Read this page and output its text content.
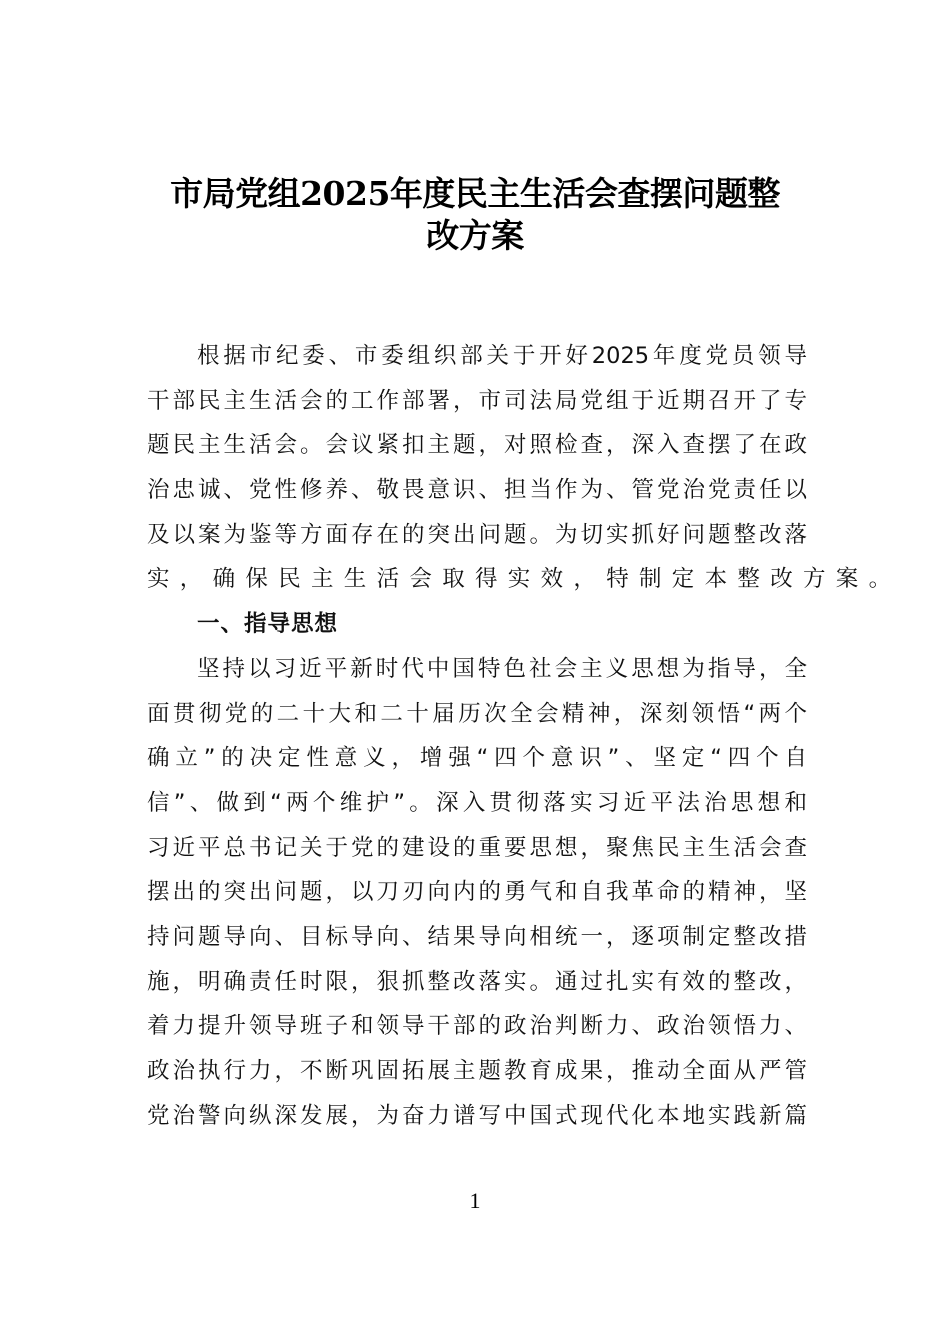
市局党组2025年度民主生活会查摆问题整
改方案
根据市纪委、市委组织部关于开好2025年度党员领导
干部民主生活会的工作部署，市司法局党组于近期召开了专
题民主生活会。会议紧扣主题，对照检查，深入查摆了在政
治忠诚、党性修养、敬畏意识、担当作为、管党治党责任以
及以案为鉴等方面存在的突出问题。为切实抓好问题整改落
实，确保民主生活会取得实效，特制定本整改方案。
一、指导思想
坚持以习近平新时代中国特色社会主义思想为指导，全
面贯彻党的二十大和二十届历次全会精神，深刻领悟“两个
确立”的决定性意义，增强“四个意识”、坚定“四个自
信”、做到“两个维护”。深入贯彻落实习近平法治思想和
习近平总书记关于党的建设的重要思想，聚焦民主生活会查
摆出的突出问题，以刀刃向内的勇气和自我革命的精神，坚
持问题导向、目标导向、结果导向相统一，逐项制定整改措
施，明确责任时限，狠抓整改落实。通过扎实有效的整改，
着力提升领导班子和领导干部的政治判断力、政治领悟力、
政治执行力，不断巩固拓展主题教育成果，推动全面从严管
党治警向纵深发展，为奋力谱写中国式现代化本地实践新篇
1
